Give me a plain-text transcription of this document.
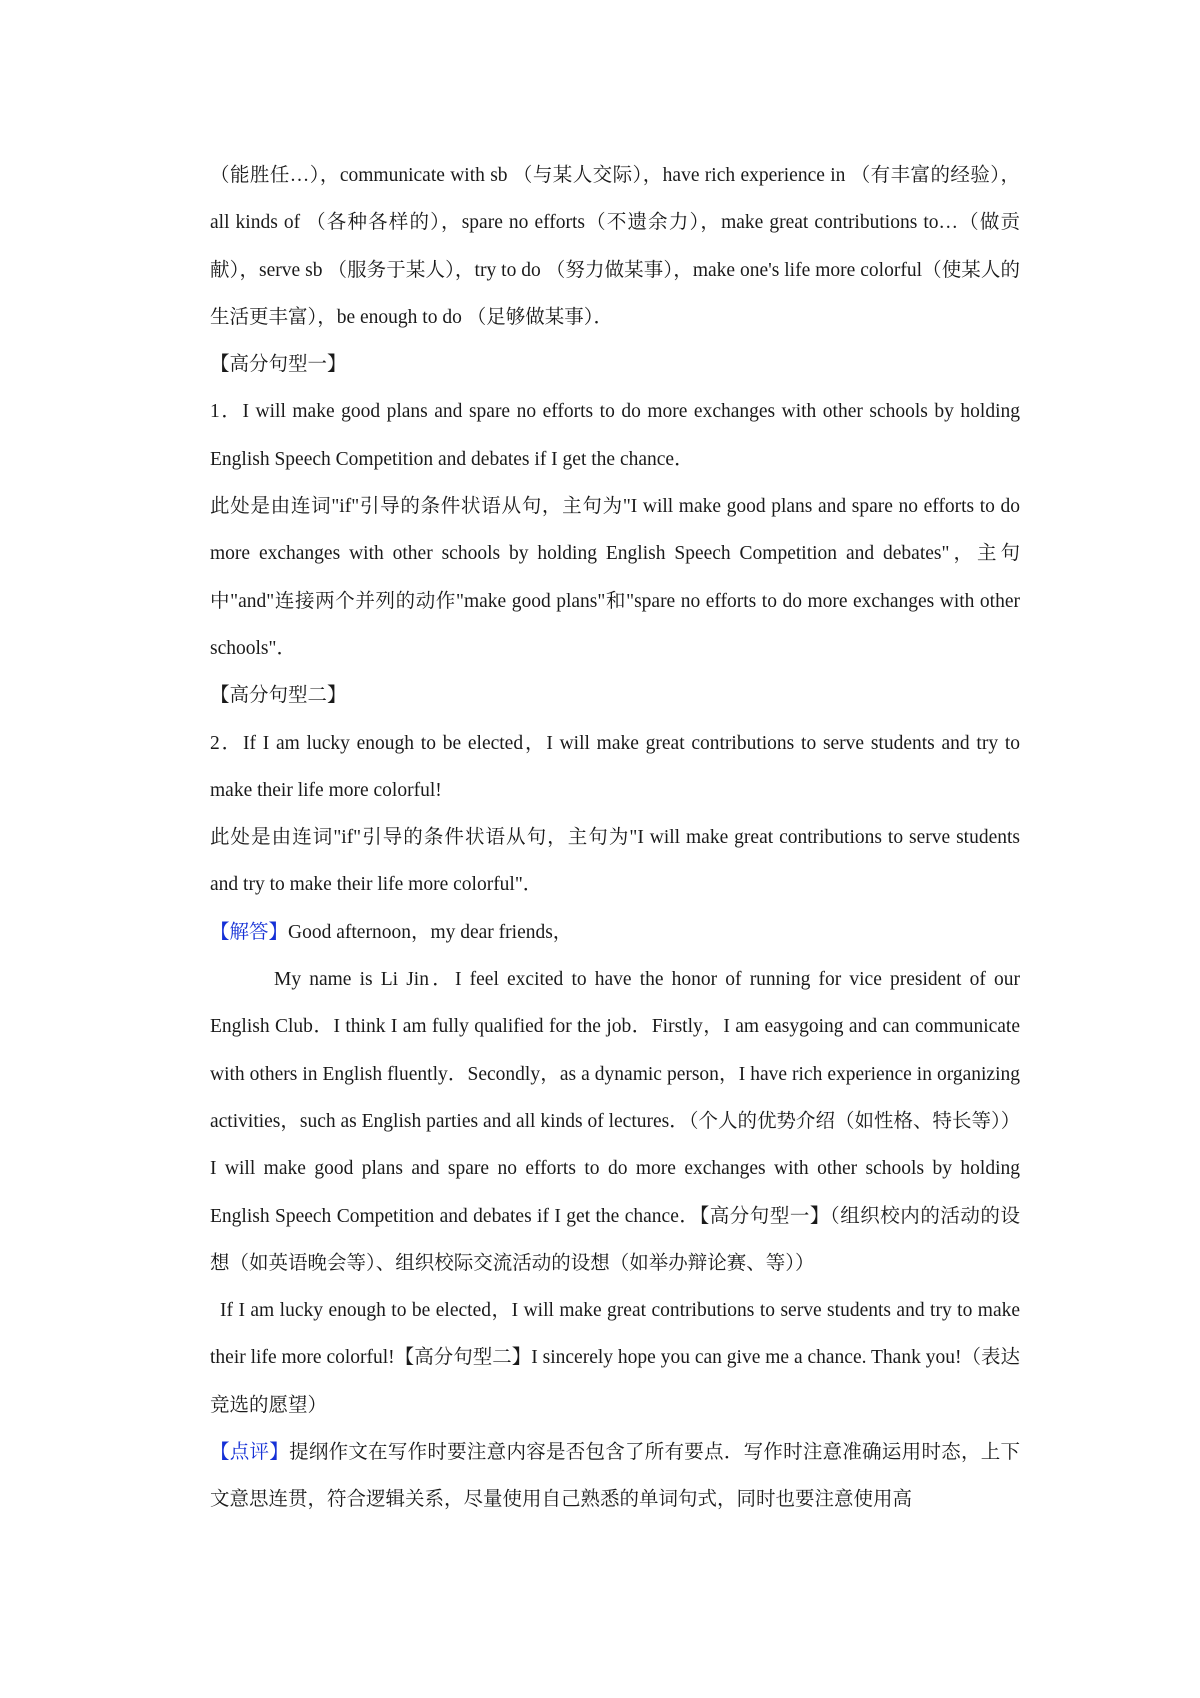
（能胜任…），communicate with sb （与某人交际），have rich experience in （有丰富的经验），all kinds of （各种各样的），spare no efforts（不遗余力），make great contributions to…（做贡献），serve sb （服务于某人），try to do （努力做某事），make one's life more colorful（使某人的生活更丰富），be enough to do （足够做某事）．

【高分句型一】

1．I will make good plans and spare no efforts to do more exchanges with other schools by holding English Speech Competition and debates if I get the chance．

此处是由连词"if"引导的条件状语从句，主句为"I will make good plans and spare no efforts to do more exchanges with other schools by holding English Speech Competition and debates"，主句中"and"连接两个并列的动作"make good plans"和"spare no efforts to do more exchanges with other schools"．

【高分句型二】

2．If I am lucky enough to be elected，I will make great contributions to serve students and try to make their life more colorful!

此处是由连词"if"引导的条件状语从句，主句为"I will make great contributions to serve students and try to make their life more colorful"．

【解答】Good afternoon，my dear friends，

My name is Li Jin．I feel excited to have the honor of running for vice president of our English Club．I think I am fully qualified for the job．Firstly，I am easygoing and can communicate with others in English fluently．Secondly，as a dynamic person，I have rich experience in organizing activities，such as English parties and all kinds of lectures．（个人的优势介绍（如性格、特长等））

I will make good plans and spare no efforts to do more exchanges with other schools by holding English Speech Competition and debates if I get the chance．【高分句型一】（组织校内的活动的设想（如英语晚会等）、组织校际交流活动的设想（如举办辩论赛、等））

If I am lucky enough to be elected，I will make great contributions to serve students and try to make their life more colorful!【高分句型二】I sincerely hope you can give me a chance. Thank you!（表达竞选的愿望）

【点评】提纲作文在写作时要注意内容是否包含了所有要点．写作时注意准确运用时态，上下文意思连贯，符合逻辑关系，尽量使用自己熟悉的单词句式，同时也要注意使用高
